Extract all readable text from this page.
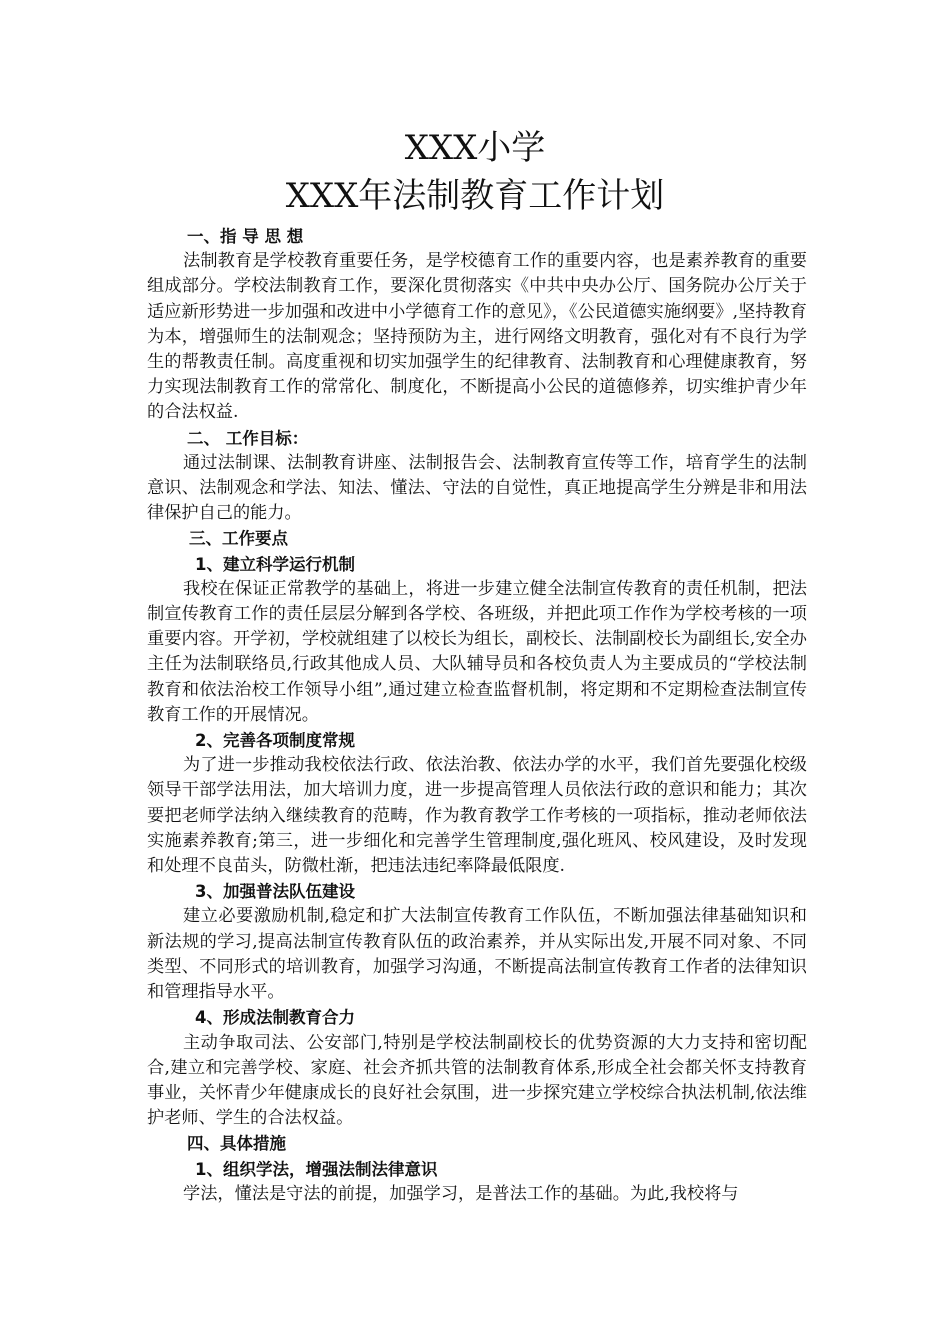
XXX小学
XXX年法制教育工作计划
一、指 导 思 想
法制教育是学校教育重要任务，是学校德育工作的重要内容，也是素养教育的重要组成部分。学校法制教育工作，要深化贯彻落实《中共中央办公厅、国务院办公厅关于适应新形势进一步加强和改进中小学德育工作的意见》，《公民道德实施纲要》,坚持教育为本，增强师生的法制观念；坚持预防为主，进行网络文明教育，强化对有不良行为学生的帮教责任制。高度重视和切实加强学生的纪律教育、法制教育和心理健康教育，努力实现法制教育工作的常常化、制度化，不断提高小公民的道德修养，切实维护青少年的合法权益.
二、 工作目标：
通过法制课、法制教育讲座、法制报告会、法制教育宣传等工作，培育学生的法制意识、法制观念和学法、知法、懂法、守法的自觉性，真正地提高学生分辨是非和用法律保护自己的能力。
三、工作要点
1、建立科学运行机制
我校在保证正常教学的基础上，将进一步建立健全法制宣传教育的责任机制，把法制宣传教育工作的责任层层分解到各学校、各班级，并把此项工作作为学校考核的一项重要内容。开学初，学校就组建了以校长为组长，副校长、法制副校长为副组长,安全办主任为法制联络员,行政其他成人员、大队辅导员和各校负责人为主要成员的“学校法制教育和依法治校工作领导小组”,通过建立检查监督机制，将定期和不定期检查法制宣传教育工作的开展情况。
2、完善各项制度常规
为了进一步推动我校依法行政、依法治教、依法办学的水平，我们首先要强化校级领导干部学法用法，加大培训力度，进一步提高管理人员依法行政的意识和能力；其次要把老师学法纳入继续教育的范畴，作为教育教学工作考核的一项指标，推动老师依法实施素养教育;第三，进一步细化和完善学生管理制度,强化班风、校风建设，及时发现和处理不良苗头，防微杜渐，把违法违纪率降最低限度.
3、加强普法队伍建设
建立必要激励机制,稳定和扩大法制宣传教育工作队伍，不断加强法律基础知识和新法规的学习,提高法制宣传教育队伍的政治素养，并从实际出发,开展不同对象、不同类型、不同形式的培训教育，加强学习沟通，不断提高法制宣传教育工作者的法律知识和管理指导水平。
4、形成法制教育合力
主动争取司法、公安部门,特别是学校法制副校长的优势资源的大力支持和密切配合,建立和完善学校、家庭、社会齐抓共管的法制教育体系,形成全社会都关怀支持教育事业，关怀青少年健康成长的良好社会氛围，进一步探究建立学校综合执法机制,依法维护老师、学生的合法权益。
四、具体措施
1、组织学法，增强法制法律意识
学法，懂法是守法的前提，加强学习，是普法工作的基础。为此,我校将与
